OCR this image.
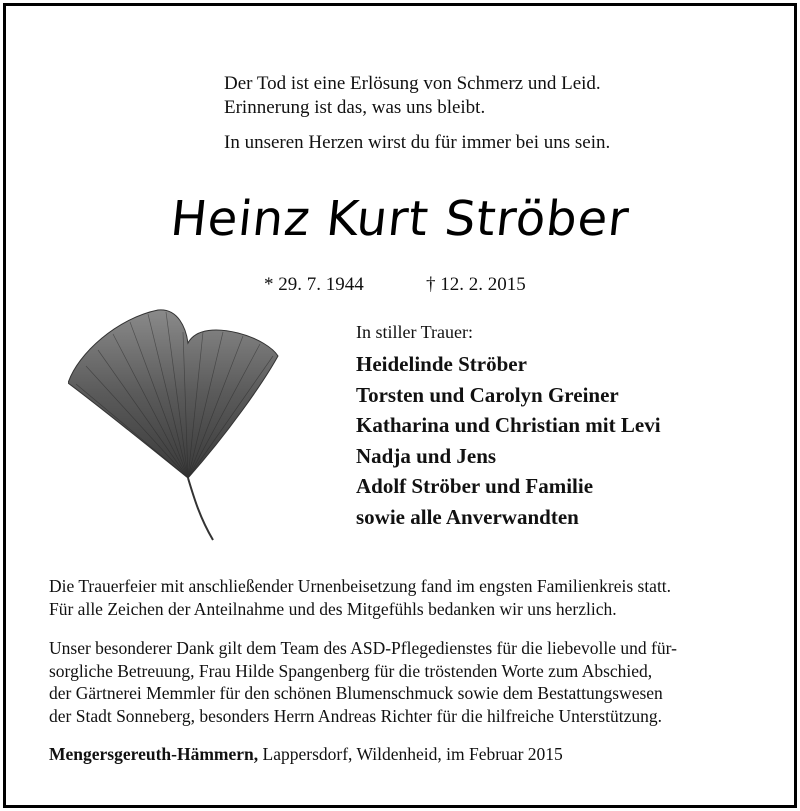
Der Tod ist eine Erlösung von Schmerz und Leid.
Erinnerung ist das, was uns bleibt.
In unseren Herzen wirst du für immer bei uns sein.
Heinz Kurt Ströber
* 29. 7. 1944	† 12. 2. 2015
In stiller Trauer:
Heidelinde Ströber
Torsten und Carolyn Greiner
Katharina und Christian mit Levi
Nadja und Jens
Adolf Ströber und Familie
sowie alle Anverwandten
Die Trauerfeier mit anschließender Urnenbeisetzung fand im engsten Familienkreis statt.
Für alle Zeichen der Anteilnahme und des Mitgefühls bedanken wir uns herzlich.
Unser besonderer Dank gilt dem Team des ASD-Pflegedienstes für die liebevolle und für-
sorgliche Betreuung, Frau Hilde Spangenberg für die tröstenden Worte zum Abschied,
der Gärtnerei Memmler für den schönen Blumenschmuck sowie dem Bestattungswesen
der Stadt Sonneberg, besonders Herrn Andreas Richter für die hilfreiche Unterstützung.
Mengersgereuth-Hämmern, Lappersdorf, Wildenheid, im Februar 2015
